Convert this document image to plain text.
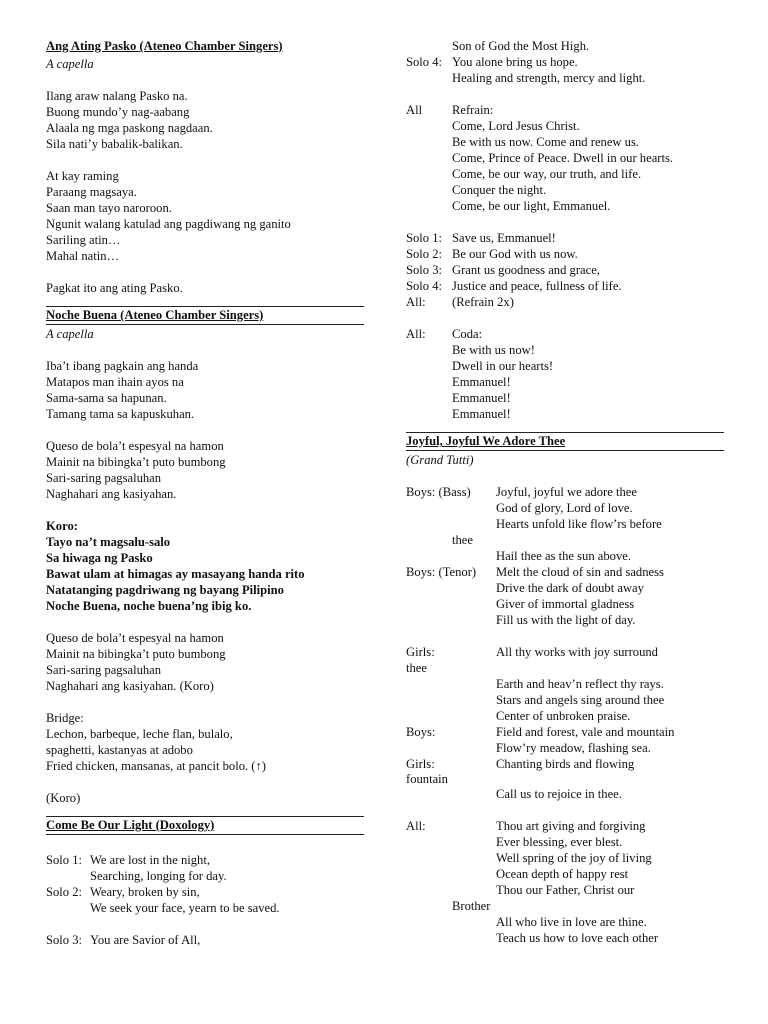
Ang Ating Pasko (Ateneo Chamber Singers)
A capella
Ilang araw nalang Pasko na.
Buong mundo’y nag-aabang
Alaala ng mga paskong nagdaan.
Sila nati’y babalik-balikan.
At kay raming
Paraang magsaya.
Saan man tayo naroroon.
Ngunit walang katulad ang pagdiwang ng ganito
Sariling atin…
Mahal natin…
Pagkat ito ang ating Pasko.
Noche Buena (Ateneo Chamber Singers)
A capella
Iba’t ibang pagkain ang handa
Matapos man ihain ayos na
Sama-sama sa hapunan.
Tamang tama sa kapuskuhan.
Queso de bola’t espesyal na hamon
Mainit na bibingka’t puto bumbong
Sari-saring pagsaluhan
Naghahari ang kasiyahan.
Koro:
Tayo na’t magsalu-salo
Sa hiwaga ng Pasko
Bawat ulam at himagas ay masayang handa rito
Natatanging pagdriwang ng bayang Pilipino
Noche Buena, noche buena’ng ibig ko.
Queso de bola’t espesyal na hamon
Mainit na bibingka’t puto bumbong
Sari-saring pagsaluhan
Naghahari ang kasiyahan. (Koro)
Bridge:
Lechon, barbeque, leche flan, bulalo,
spaghetti, kastanyas at adobo
Fried chicken, mansanas, at pancit bolo. (↑)
(Koro)
Come Be Our Light (Doxology)
Solo 1: We are lost in the night,
Searching, longing for day.
Solo 2: Weary, broken by sin,
We seek your face, yearn to be saved.
Solo 3: You are Savior of All,
Son of God the Most High.
Solo 4: You alone bring us hope.
Healing and strength, mercy and light.
All	Refrain:
Come, Lord Jesus Christ.
Be with us now. Come and renew us.
Come, Prince of Peace. Dwell in our hearts.
Come, be our way, our truth, and life.
Conquer the night.
Come, be our light, Emmanuel.
Solo 1: Save us, Emmanuel!
Solo 2: Be our God with us now.
Solo 3: Grant us goodness and grace,
Solo 4: Justice and peace, fullness of life.
All:	(Refrain 2x)
All:	Coda:
Be with us now!
Dwell in our hearts!
Emmanuel!
Emmanuel!
Emmanuel!
Joyful, Joyful We Adore Thee
(Grand Tutti)
Boys: (Bass)	Joyful, joyful we adore thee
God of glory, Lord of love.
Hearts unfold like flow’rs before
thee
Hail thee as the sun above.
Boys: (Tenor)	Melt the cloud of sin and sadness
Drive the dark of doubt away
Giver of immortal gladness
Fill us with the light of day.
Girls:	All thy works with joy surround
thee
Earth and heav’n reflect thy rays.
Stars and angels sing around thee
Center of unbroken praise.
Boys:	Field and forest, vale and mountain
Flow’ry meadow, flashing sea.
Girls:	Chanting birds and flowing
fountain
Call us to rejoice in thee.
All:	Thou art giving and forgiving
Ever blessing, ever blest.
Well spring of the joy of living
Ocean depth of happy rest
Thou our Father, Christ our
Brother
All who live in love are thine.
Teach us how to love each other
